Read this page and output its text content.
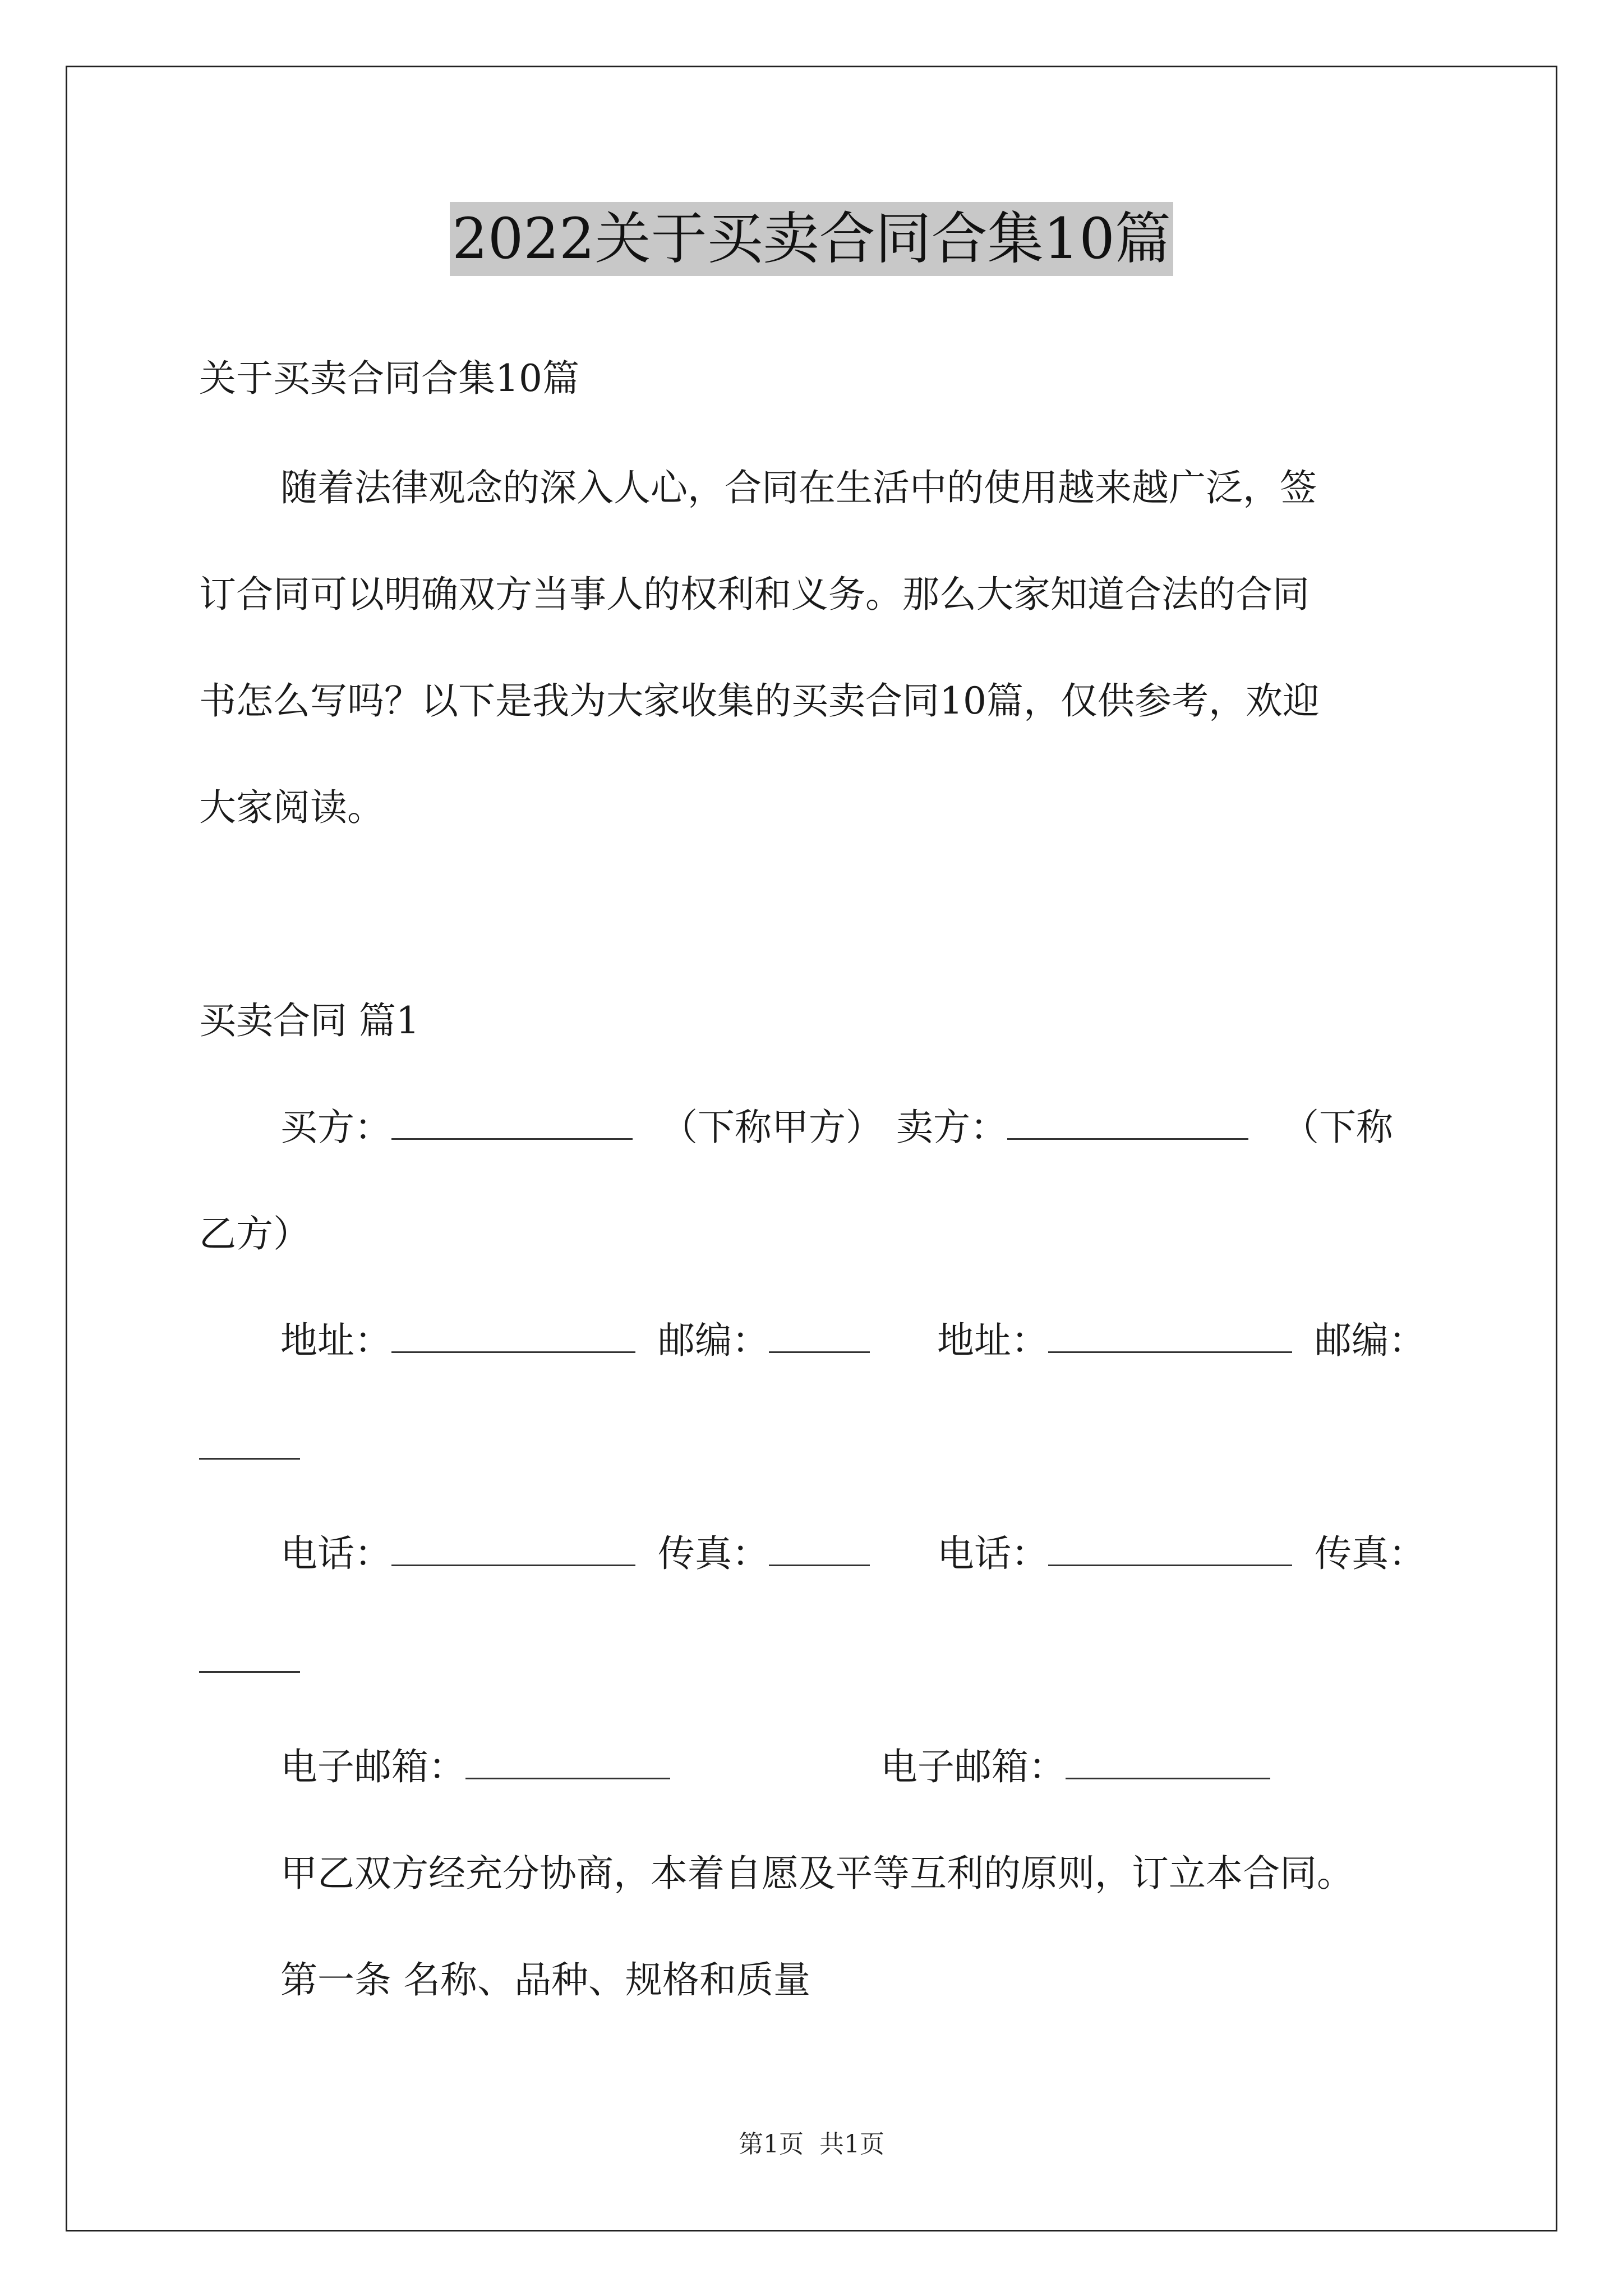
2022关于买卖合同合集10篇
关于买卖合同合集10篇
随着法律观念的深入人心，合同在生活中的使用越来越广泛，签
订合同可以明确双方当事人的权利和义务。那么大家知道合法的合同
书怎么写吗？以下是我为大家收集的买卖合同10篇，仅供参考，欢迎
大家阅读。
买卖合同 篇1
买方：	（下称甲方） 卖方：	（下称
乙方）
地址：	邮编：	地址：	邮编：
电话：	传真：	电话：	传真：
电子邮箱：	电子邮箱：
甲乙双方经充分协商，本着自愿及平等互利的原则，订立本合同。
第一条 名称、品种、规格和质量
第1页 共1页
